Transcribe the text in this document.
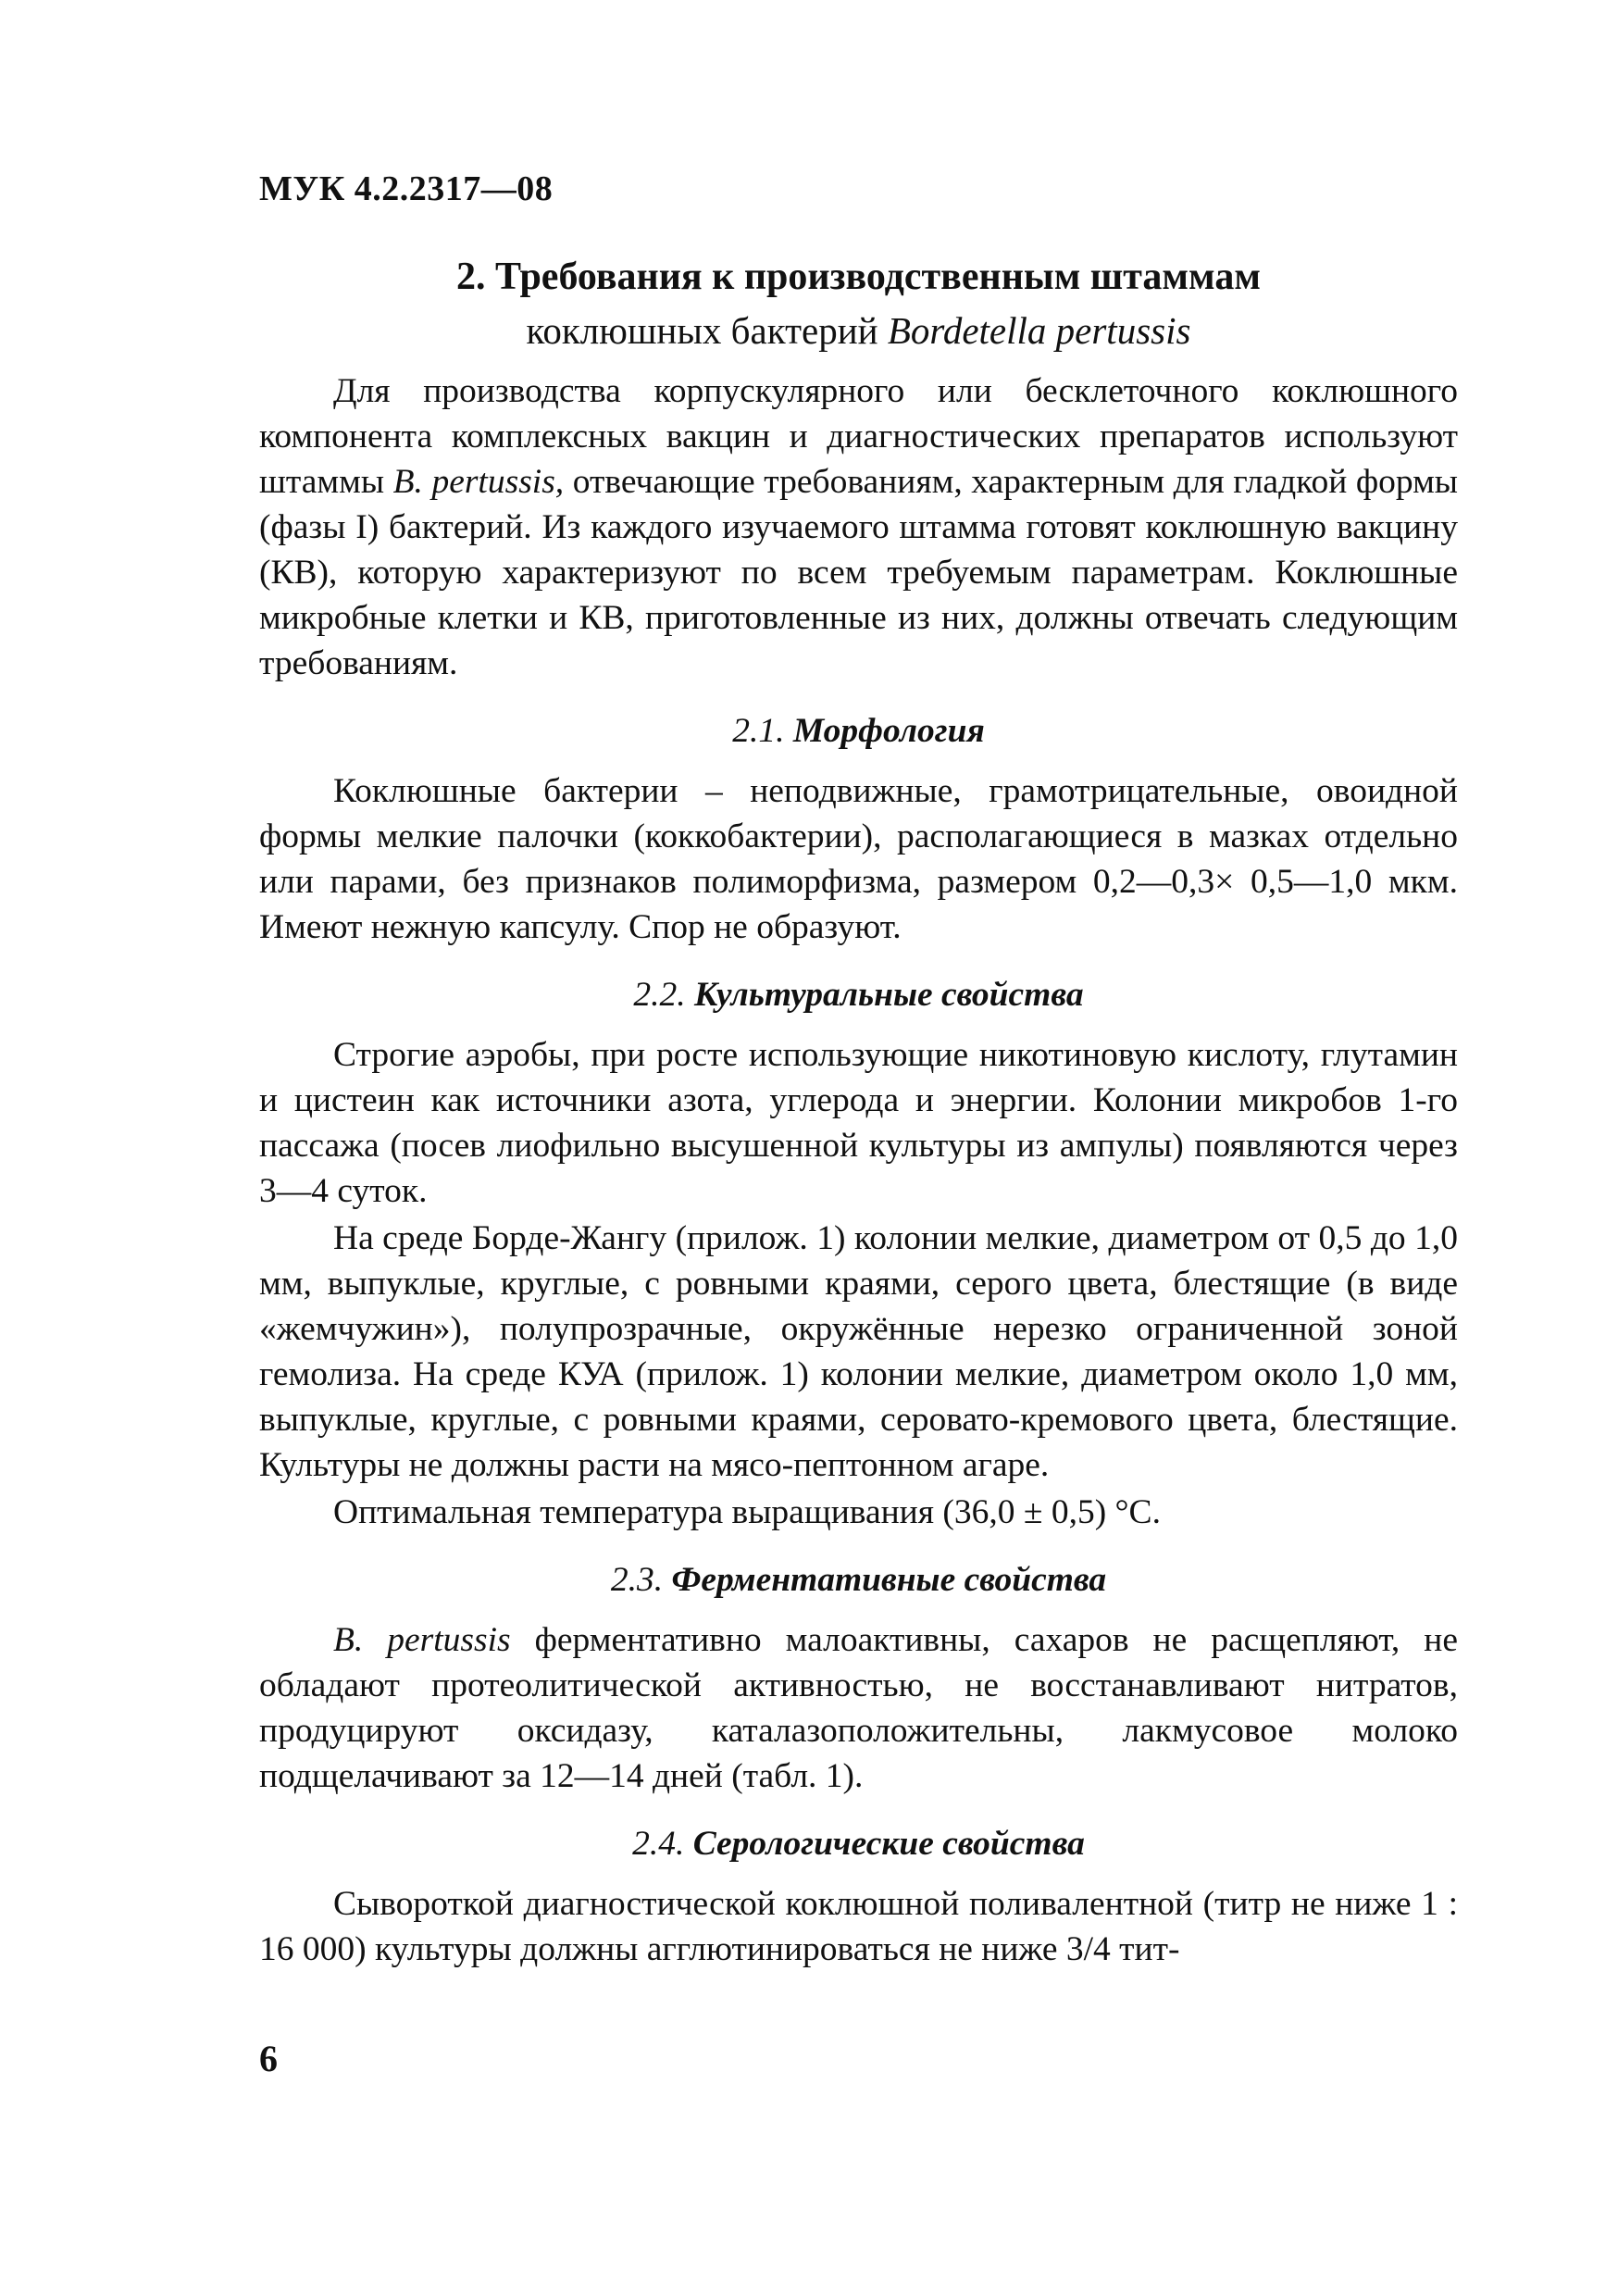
МУК 4.2.2317—08
2. Требования к производственным штаммам
коклюшных бактерий Bordetella pertussis

Для производства корпускулярного или бесклеточного коклюшного компонента комплексных вакцин и диагностических препаратов используют штаммы B. pertussis, отвечающие требованиям, характерным для гладкой формы (фазы I) бактерий. Из каждого изучаемого штамма готовят коклюшную вакцину (КВ), которую характеризуют по всем требуемым параметрам. Коклюшные микробные клетки и КВ, приготовленные из них, должны отвечать следующим требованиям.

2.1. Морфология

Коклюшные бактерии – неподвижные, грамотрицательные, овоидной формы мелкие палочки (коккобактерии), располагающиеся в мазках отдельно или парами, без признаков полиморфизма, размером 0,2—0,3× 0,5—1,0 мкм. Имеют нежную капсулу. Спор не образуют.

2.2. Культуральные свойства

Строгие аэробы, при росте использующие никотиновую кислоту, глутамин и цистеин как источники азота, углерода и энергии. Колонии микробов 1-го пассажа (посев лиофильно высушенной культуры из ампулы) появляются через 3—4 суток.

На среде Борде-Жангу (прилож. 1) колонии мелкие, диаметром от 0,5 до 1,0 мм, выпуклые, круглые, с ровными краями, серого цвета, блестящие (в виде «жемчужин»), полупрозрачные, окружённые нерезко ограниченной зоной гемолиза. На среде КУА (прилож. 1) колонии мелкие, диаметром около 1,0 мм, выпуклые, круглые, с ровными краями, серовато-кремового цвета, блестящие. Культуры не должны расти на мясо-пептонном агаре.

Оптимальная температура выращивания (36,0 ± 0,5) °С.

2.3. Ферментативные свойства

B. pertussis ферментативно малоактивны, сахаров не расщепляют, не обладают протеолитической активностью, не восстанавливают нитратов, продуцируют оксидазу, каталазоположительны, лакмусовое молоко подщелачивают за 12—14 дней (табл. 1).

2.4. Серологические свойства

Сывороткой диагностической коклюшной поливалентной (титр не ниже 1 : 16 000) культуры должны агглютинироваться не ниже 3/4 тит-

6
